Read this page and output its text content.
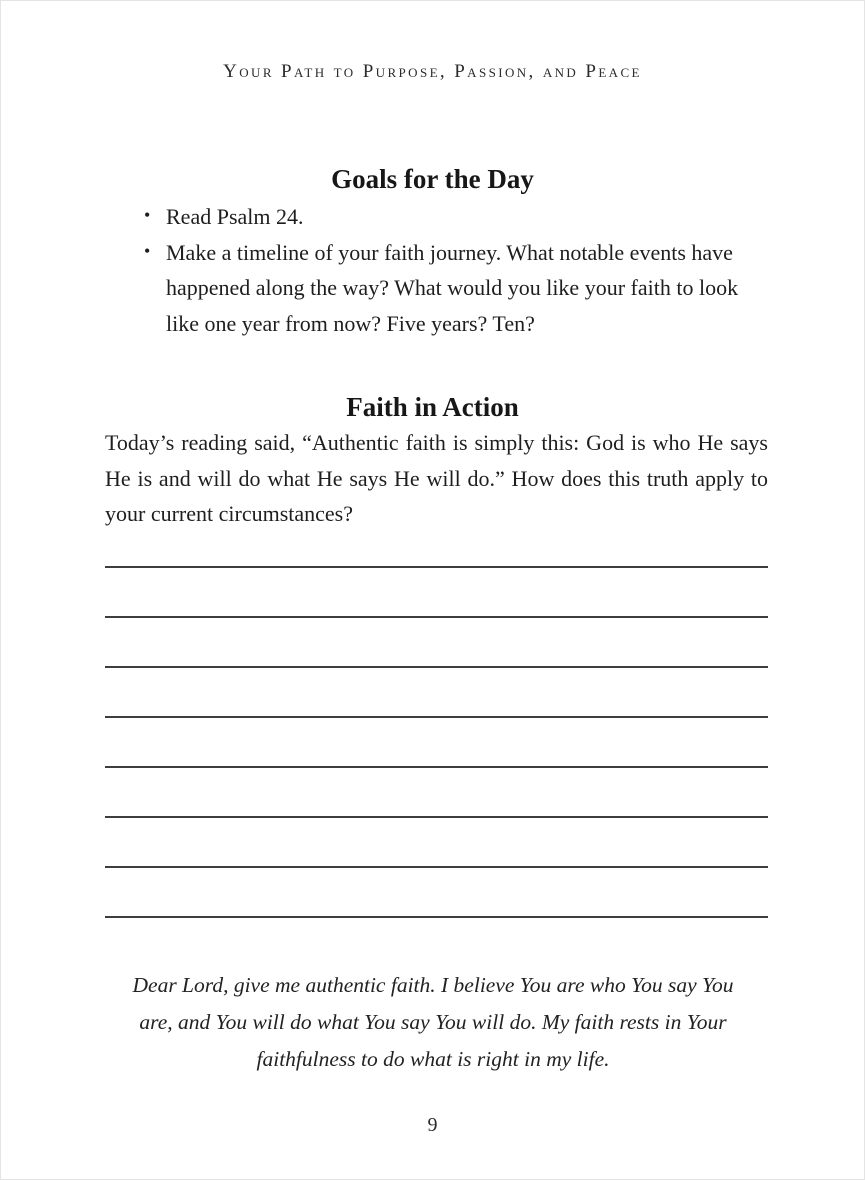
Your Path to Purpose, Passion, and Peace
Goals for the Day
• Read Psalm 24.
• Make a timeline of your faith journey. What notable events have happened along the way? What would you like your faith to look like one year from now? Five years? Ten?
Faith in Action

Today’s reading said, “Authentic faith is simply this: God is who He says He is and will do what He says He will do.” How does this truth apply to your current circumstances?

Dear Lord, give me authentic faith. I believe You are who You say You are, and You will do what You say You will do. My faith rests in Your faithfulness to do what is right in my life.

9
